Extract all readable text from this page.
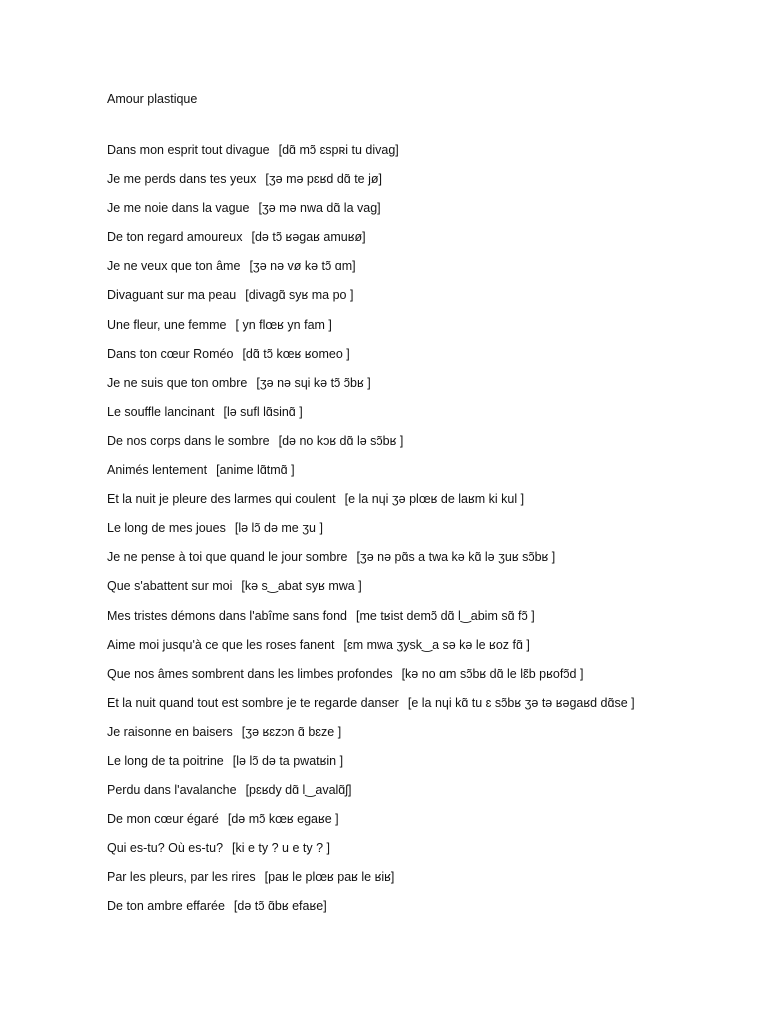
Amour plastique
Dans mon esprit tout divague [dɑ̃ mɔ̃ ɛspʀi tu divag]
Je me perds dans tes yeux [ʒə mə pɛʁd dɑ̃ te jø]
Je me noie dans la vague [ʒə mə nwa dɑ̃ la vag]
De ton regard amoureux [də tɔ̃ ʁəgaʁ amuʁø]
Je ne veux que ton âme [ʒə nə vø kə tɔ̃ ɑm]
Divaguant sur ma peau [divagɑ̃ syʁ ma po ]
Une fleur, une femme [ yn flœʁ yn fam ]
Dans ton cœur Roméo [dɑ̃ tɔ̃ kœʁ ʁomeo ]
Je ne suis que ton ombre [ʒə nə sɥi kə tɔ̃ ɔ̃bʁ ]
Le souffle lancinant [lə sufl lɑ̃sinɑ̃ ]
De nos corps dans le sombre [də no kɔʁ dɑ̃ lə sɔ̃bʁ ]
Animés lentement [anime lɑ̃tmɑ̃ ]
Et la nuit je pleure des larmes qui coulent [e la nɥi ʒə plœʁ de laʁm ki kul ]
Le long de mes joues [lə lɔ̃ də me ʒu ]
Je ne pense à toi que quand le jour sombre [ʒə nə pɑ̃s a twa kə kɑ̃ lə ʒuʁ sɔ̃bʁ ]
Que s'abattent sur moi [kə s‿abat syʁ mwa ]
Mes tristes démons dans l'abîme sans fond [me tʁist demɔ̃ dɑ̃ l‿abim sɑ̃ fɔ̃ ]
Aime moi jusqu'à ce que les roses fanent [ɛm mwa ʒysk‿a sə kə le ʁoz fɑ̃ ]
Que nos âmes sombrent dans les limbes profondes [kə no ɑm sɔ̃bʁ dɑ̃ le lɛ̃b pʁofɔ̃d ]
Et la nuit quand tout est sombre je te regarde danser [e la nɥi kɑ̃ tu ɛ sɔ̃bʁ ʒə tə ʁəgaʁd dɑ̃se ]
Je raisonne en baisers [ʒə ʁɛzɔn ɑ̃ bɛze ]
Le long de ta poitrine [lə lɔ̃ də ta pwatʁin ]
Perdu dans l'avalanche [pɛʁdy dɑ̃ l‿avalɑ̃ʃ]
De mon cœur égaré [də mɔ̃ kœʁ egaʁe ]
Qui es-tu? Où es-tu? [ki e ty ? u e ty ? ]
Par les pleurs, par les rires [paʁ le plœʁ paʁ le ʁiʁ]
De ton ambre effarée [də tɔ̃ ɑ̃bʁ efaʁe]
